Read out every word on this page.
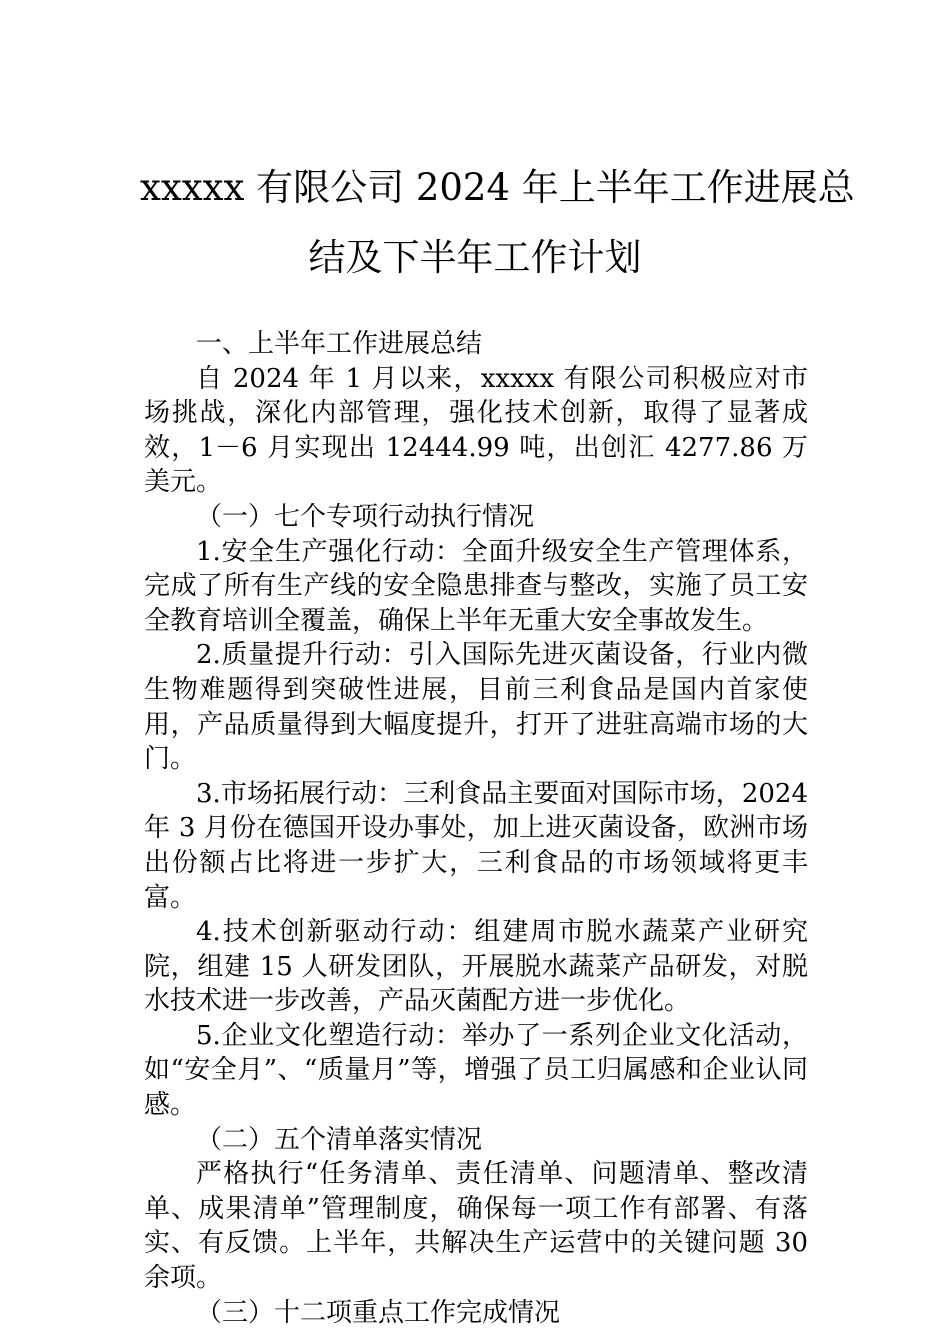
xxxxx 有限公司 2024 年上半年工作进展总
结及下半年工作计划

一、上半年工作进展总结

自 2024 年 1 月以来，xxxxx 有限公司积极应对市场挑战，深化内部管理，强化技术创新，取得了显著成效，1－6 月实现出 12444.99 吨，出创汇 4277.86 万美元。

（一）七个专项行动执行情况

1.安全生产强化行动：全面升级安全生产管理体系，完成了所有生产线的安全隐患排查与整改，实施了员工安全教育培训全覆盖，确保上半年无重大安全事故发生。

2.质量提升行动：引入国际先进灭菌设备，行业内微生物难题得到突破性进展，目前三利食品是国内首家使用，产品质量得到大幅度提升，打开了进驻高端市场的大门。

3.市场拓展行动：三利食品主要面对国际市场，2024 年 3 月份在德国开设办事处，加上进灭菌设备，欧洲市场出份额占比将进一步扩大，三利食品的市场领域将更丰富。

4.技术创新驱动行动：组建周市脱水蔬菜产业研究院，组建 15 人研发团队，开展脱水蔬菜产品研发，对脱水技术进一步改善，产品灭菌配方进一步优化。

5.企业文化塑造行动：举办了一系列企业文化活动，如“安全月”、“质量月”等，增强了员工归属感和企业认同感。

（二）五个清单落实情况

严格执行“任务清单、责任清单、问题清单、整改清单、成果清单”管理制度，确保每一项工作有部署、有落实、有反馈。上半年，共解决生产运营中的关键问题 30 余项。

（三）十二项重点工作完成情况
